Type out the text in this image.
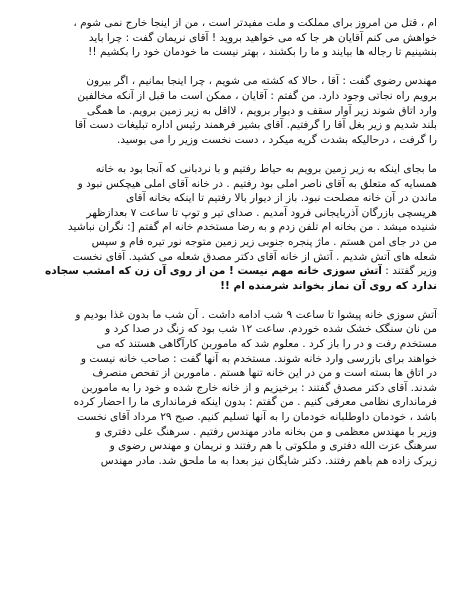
ام ، قتل من امروز برای مملکت و ملت مفیدتر است ، من از اینجا خارج نمی شوم ،
خواهش می کنم آقایان هر جا که می خواهید بروید ! آقای نریمان گفت : چرا باید
بنشینیم تا رجاله ها بیایند و ما را بکشند ، بهتر نیست ما خودمان خود را بکشیم !!
مهندس رضوی گفت : آقا ، حالا که کشته می شویم ، چرا اینجا بمانیم ، اگر بیرون
برویم راه نجاتی وجود دارد. من گفتم : آقایان ، ممکن است ما قبل از آنکه مخالفین
وارد اتاق شوند زیر آوار سقف و دیوار برویم ، لااقل به زیر زمین برویم. ما همگی
بلند شدیم و زیر بغل آقا را گرفتیم. آقای بشیر فرهمند رئیس اداره تبلیغات دست آقا
را گرفت ، درحالیکه بشدت گریه میکرد ، دست نخست وزیر را می بوسید.
ما بجای اینکه به زیر زمین برویم به حیاط رفتیم و با نردبانی که آنجا بود به خانه
همسایه که متعلق به آقای ناصر املی بود رفتیم . در خانه آقای املی هیچکس نبود و
ماندن در آن خانه مصلحت نبود. باز از دیوار بالا رفتیم تا اینکه بخانه آقای
هریسچی بازرگان آذربایجانی فرود آمدیم . صدای تیر و توپ تا ساعت ۷ بعدازظهر
شنیده میشد . من بخانه ام تلفن زدم و به رضا مستخدم خانه ام گفتم [: نگران نباشید
من در جای امن هستم . ماژ پنجره جنوبی زیر زمین متوجه نور تیره فام و سپس
شعله های آتش شدیم . آتش از خانه آقای دکتر مصدق شعله می کشید. آقای نخست
وزیر گفتند : آتش سوزی خانه مهم نیست ! من از روی آن زن که امشب سجاده
ندارد که روی آن نماز بخواند شرمنده ام !!
آتش سوزی خانه پیشوا تا ساعت ۹ شب ادامه داشت . آن شب ما بدون غذا بودیم و
من نان سنگک خشک شده خوردم. ساعت ۱۲ شب بود که زنگ در صدا کرد و
مستخدم رفت و در را باز کرد . معلوم شد که ماموربن کارآگاهی هستند که می
خواهند برای بازرسی وارد خانه شوند. مستخدم به آنها گفت : صاحب خانه نیست و
در اتاق ها بسته است و من در این خانه تنها هستم . ماموربن از تفحص منصرف
شدند. آقای دکتر مصدق گفتند : برخیزیم و از خانه خارج شده و خود را به ماموربن
فرمانداری نظامی معرفی کنیم . من گفتم : بدون اینکه فرمانداری ما را احضار کرده
باشد ، خودمان داوطلبانه خودمان را به آنها تسلیم کنیم. صبح ۲۹ مرداد آقای نخست
وزیر با مهندس معظمی و من بخانه مادر مهندس رفتیم . سرهنگ علی دفتری و
سرهنگ عزت الله دفتری و ملکوتی با هم رفتند و نریمان و مهندس رضوی و
زیرک زاده هم باهم رفتند. دکتر شایگان نیز بعدا به ما ملحق شد. مادر مهندس
